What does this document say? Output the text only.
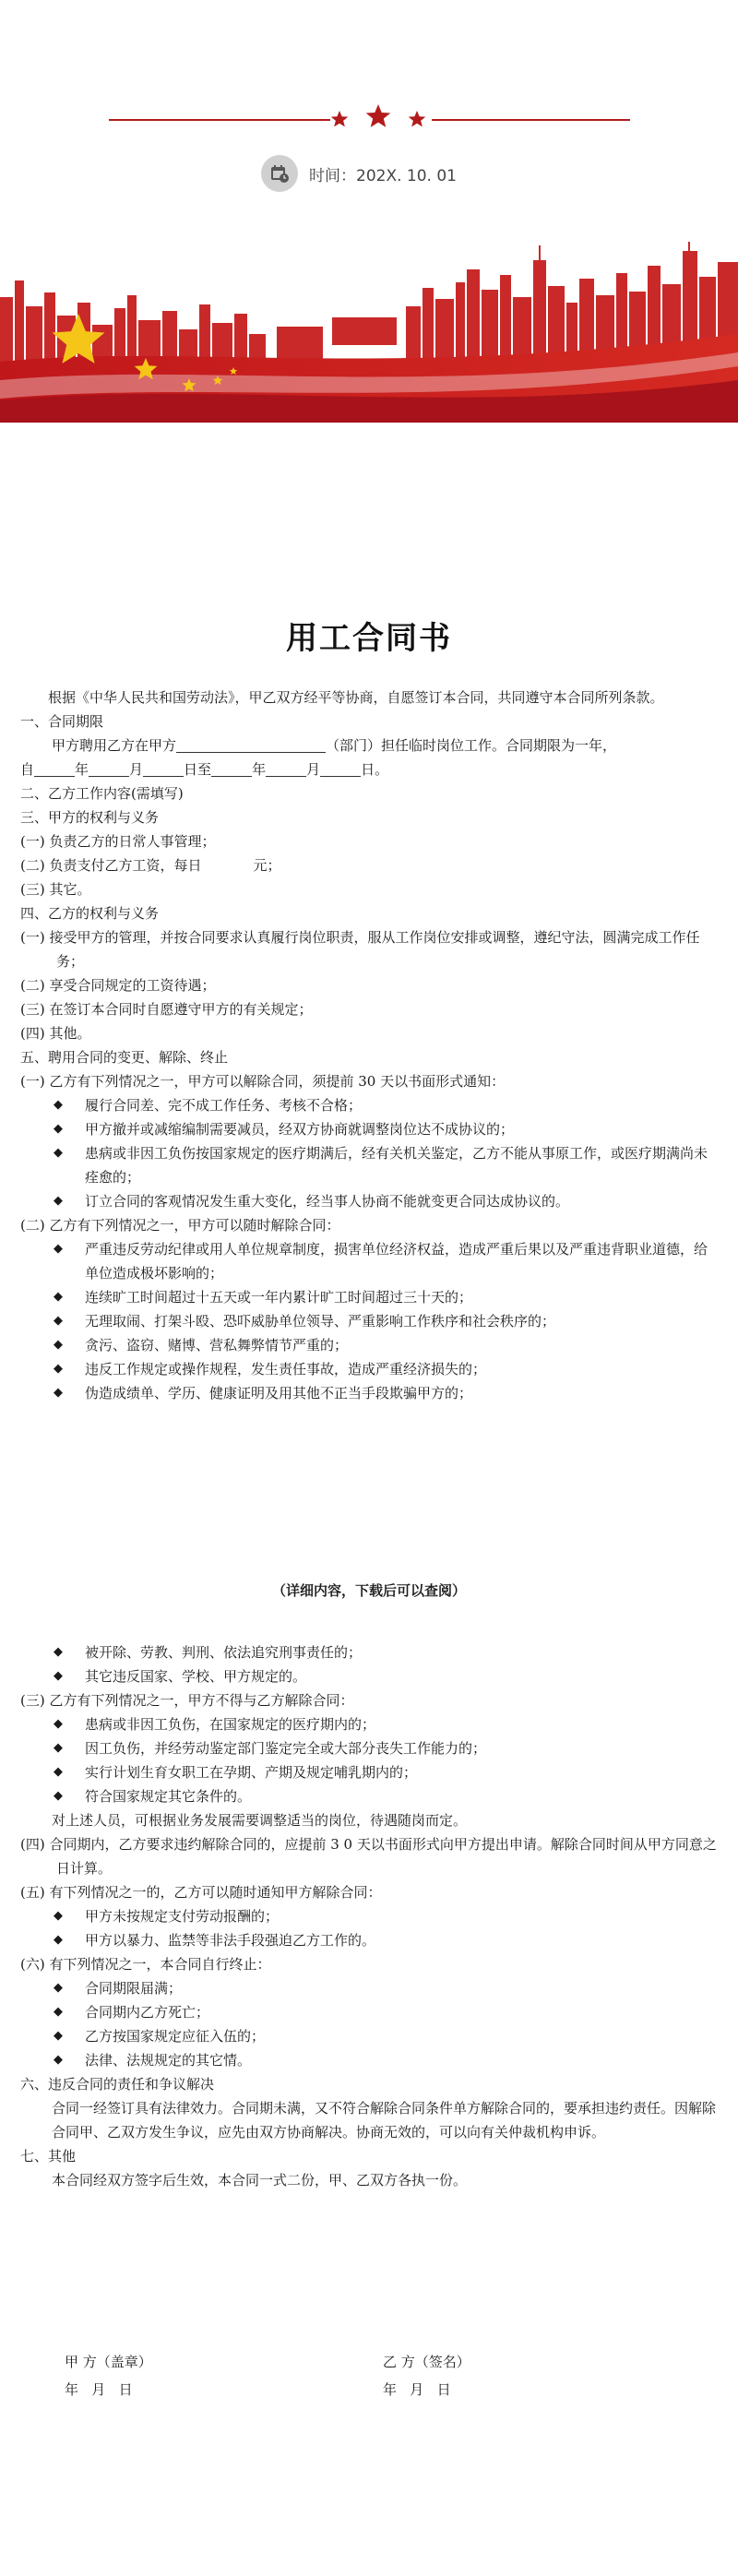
时间：202X. 10. 01
用工合同书

根据《中华人民共和国劳动法》，甲乙双方经平等协商，自愿签订本合同，共同遵守本合同所列条款。

一、合同期限

甲方聘用乙方在甲方	（部门）担任临时岗位工作。合同期限为一年，

自	年	月	日至	年	月	日。

二、乙方工作内容(需填写)

三、甲方的权利与义务

(一) 负责乙方的日常人事管理；

(二) 负责支付乙方工资，每日	元；

(三) 其它。

四、乙方的权利与义务

(一) 接受甲方的管理，并按合同要求认真履行岗位职责，服从工作岗位安排或调整，遵纪守法，圆满完成工作任务；

(二) 享受合同规定的工资待遇；

(三) 在签订本合同时自愿遵守甲方的有关规定；

(四) 其他。

五、聘用合同的变更、解除、终止

(一) 乙方有下列情况之一，甲方可以解除合同，须提前 30 天以书面形式通知：

◆	履行合同差、完不成工作任务、考核不合格；
◆	甲方撤并或减缩编制需要减员，经双方协商就调整岗位达不成协议的；
◆	患病或非因工负伤按国家规定的医疗期满后，经有关机关鉴定，乙方不能从事原工作，或医疗期满尚未痊愈的；
◆	订立合同的客观情况发生重大变化，经当事人协商不能就变更合同达成协议的。

(二) 乙方有下列情况之一，甲方可以随时解除合同：

◆	严重违反劳动纪律或用人单位规章制度，损害单位经济权益，造成严重后果以及严重违背职业道德，给单位造成极坏影响的；
◆	连续旷工时间超过十五天或一年内累计旷工时间超过三十天的；
◆	无理取闹、打架斗殴、恐吓威胁单位领导、严重影响工作秩序和社会秩序的；
◆	贪污、盗窃、赌博、营私舞弊情节严重的；
◆	违反工作规定或操作规程，发生责任事故，造成严重经济损失的；
◆	伪造成绩单、学历、健康证明及用其他不正当手段欺骗甲方的；
（详细内容，下载后可以查阅）
◆	被开除、劳教、判刑、依法追究刑事责任的；
◆	其它违反国家、学校、甲方规定的。

(三) 乙方有下列情况之一，甲方不得与乙方解除合同：

◆	患病或非因工负伤，在国家规定的医疗期内的；
◆	因工负伤，并经劳动鉴定部门鉴定完全或大部分丧失工作能力的；
◆	实行计划生育女职工在孕期、产期及规定哺乳期内的；
◆	符合国家规定其它条件的。

对上述人员，可根据业务发展需要调整适当的岗位，待遇随岗而定。

(四) 合同期内，乙方要求违约解除合同的，应提前 3 0 天以书面形式向甲方提出申请。解除合同时间从甲方同意之日计算。

(五) 有下列情况之一的，乙方可以随时通知甲方解除合同：

◆	甲方未按规定支付劳动报酬的；
◆	甲方以暴力、监禁等非法手段强迫乙方工作的。

(六) 有下列情况之一，本合同自行终止：

◆	合同期限届满；
◆	合同期内乙方死亡；
◆	乙方按国家规定应征入伍的；
◆	法律、法规规定的其它情。

六、违反合同的责任和争议解决

合同一经签订具有法律效力。合同期未满，又不符合解除合同条件单方解除合同的，要承担违约责任。因解除合同甲、乙双方发生争议，应先由双方协商解决。协商无效的，可以向有关仲裁机构申诉。

七、其他

本合同经双方签字后生效，本合同一式二份，甲、乙双方各执一份。

甲 方（盖章）
年   月   日
乙 方（签名）
年   月   日
